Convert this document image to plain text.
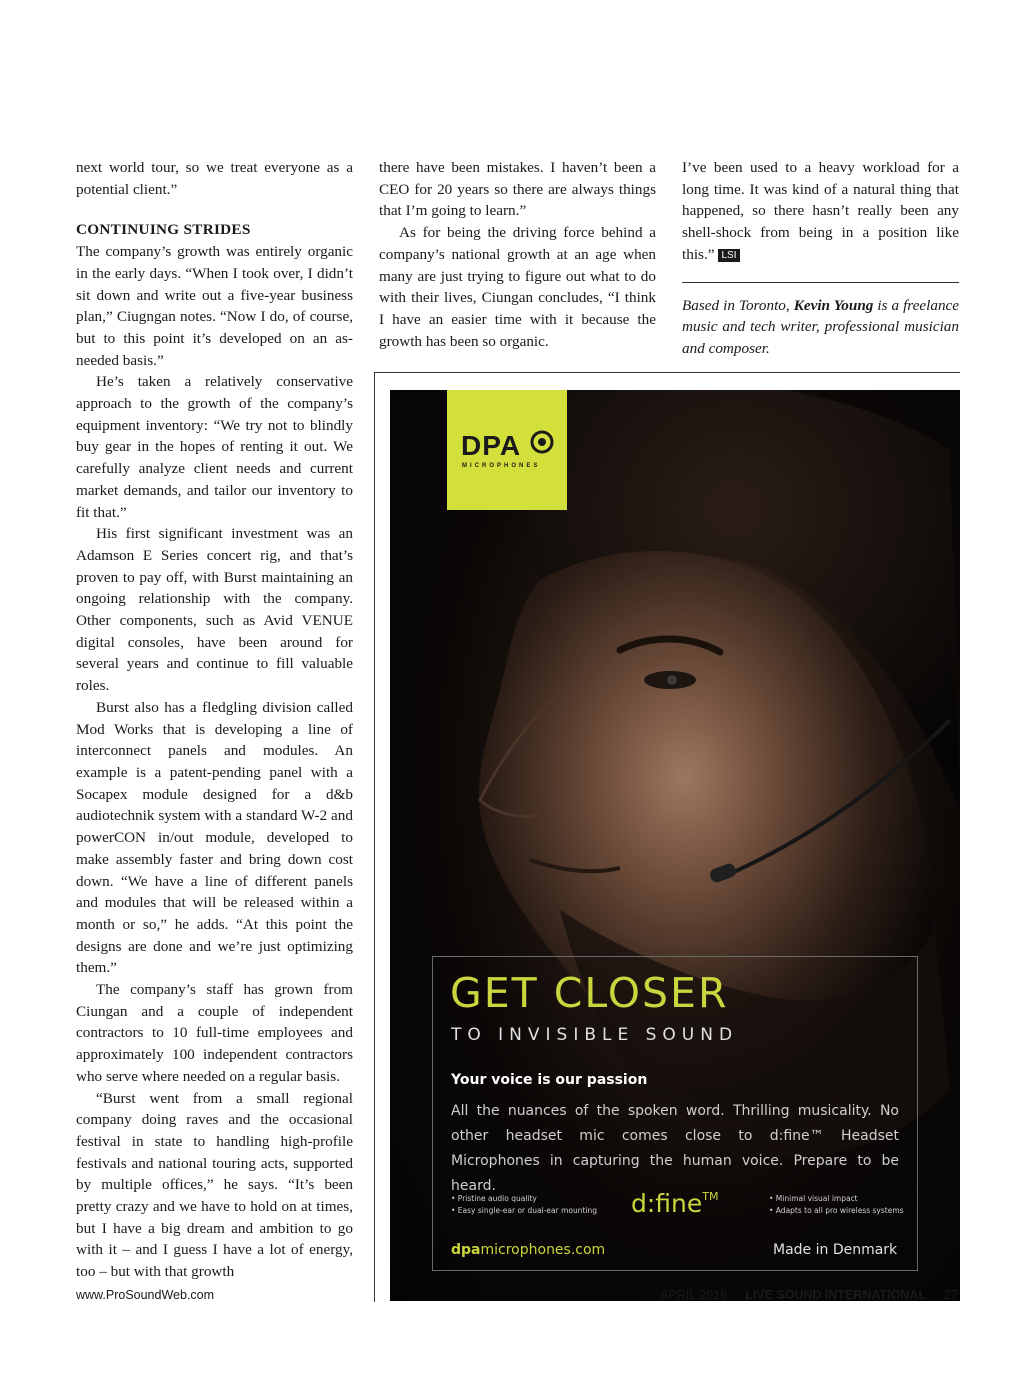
next world tour, so we treat everyone as a potential client.”

CONTINUING STRIDES

The company’s growth was entirely organic in the early days. “When I took over, I didn’t sit down and write out a five-year business plan,” Ciugngan notes. “Now I do, of course, but to this point it’s developed on an as-needed basis.”

He’s taken a relatively conservative approach to the growth of the company’s equipment inventory: “We try not to blindly buy gear in the hopes of renting it out. We carefully analyze client needs and current market demands, and tailor our inventory to fit that.”

His first significant investment was an Adamson E Series concert rig, and that’s proven to pay off, with Burst maintaining an ongoing relationship with the company. Other components, such as Avid VENUE digital consoles, have been around for several years and continue to fill valuable roles.

Burst also has a fledgling division called Mod Works that is developing a line of interconnect panels and modules. An example is a patent-pending panel with a Socapex module designed for a d&b audiotechnik system with a standard W-2 and powerCON in/out module, developed to make assembly faster and bring down cost down. “We have a line of different panels and modules that will be released within a month or so,” he adds. “At this point the designs are done and we’re just optimizing them.”

The company’s staff has grown from Ciungan and a couple of independent contractors to 10 full-time employees and approximately 100 independent contractors who serve where needed on a regular basis.

“Burst went from a small regional company doing raves and the occasional festival in state to handling high-profile festivals and national touring acts, supported by multiple offices,” he says. “It’s been pretty crazy and we have to hold on at times, but I have a big dream and ambition to go with it – and I guess I have a lot of energy, too – but with that growth

there have been mistakes. I haven’t been a CEO for 20 years so there are always things that I’m going to learn.”

As for being the driving force behind a company’s national growth at an age when many are just trying to figure out what to do with their lives, Ciungan concludes, “I think I have an easier time with it because the growth has been so organic.

I’ve been used to a heavy workload for a long time. It was kind of a natural thing that happened, so there hasn’t really been any shell-shock from being in a position like this.” LSI

Based in Toronto, Kevin Young is a freelance music and tech writer, professional musician and composer.

DPA
MICROPHONES
GET CLOSER
TO INVISIBLE SOUND
Your voice is our passion
All the nuances of the spoken word. Thrilling musicality. No other headset mic comes close to d:fine™ Headset Microphones in capturing the human voice. Prepare to be heard.
• Pristine audio quality
• Easy single-ear or dual-ear mounting d:fine™	• Minimal visual impact
• Adapts to all pro wireless systems
dpamicrophones.com	Made in Denmark
www.ProSoundWeb.com	APRIL 2016 LIVE SOUND INTERNATIONAL 27
